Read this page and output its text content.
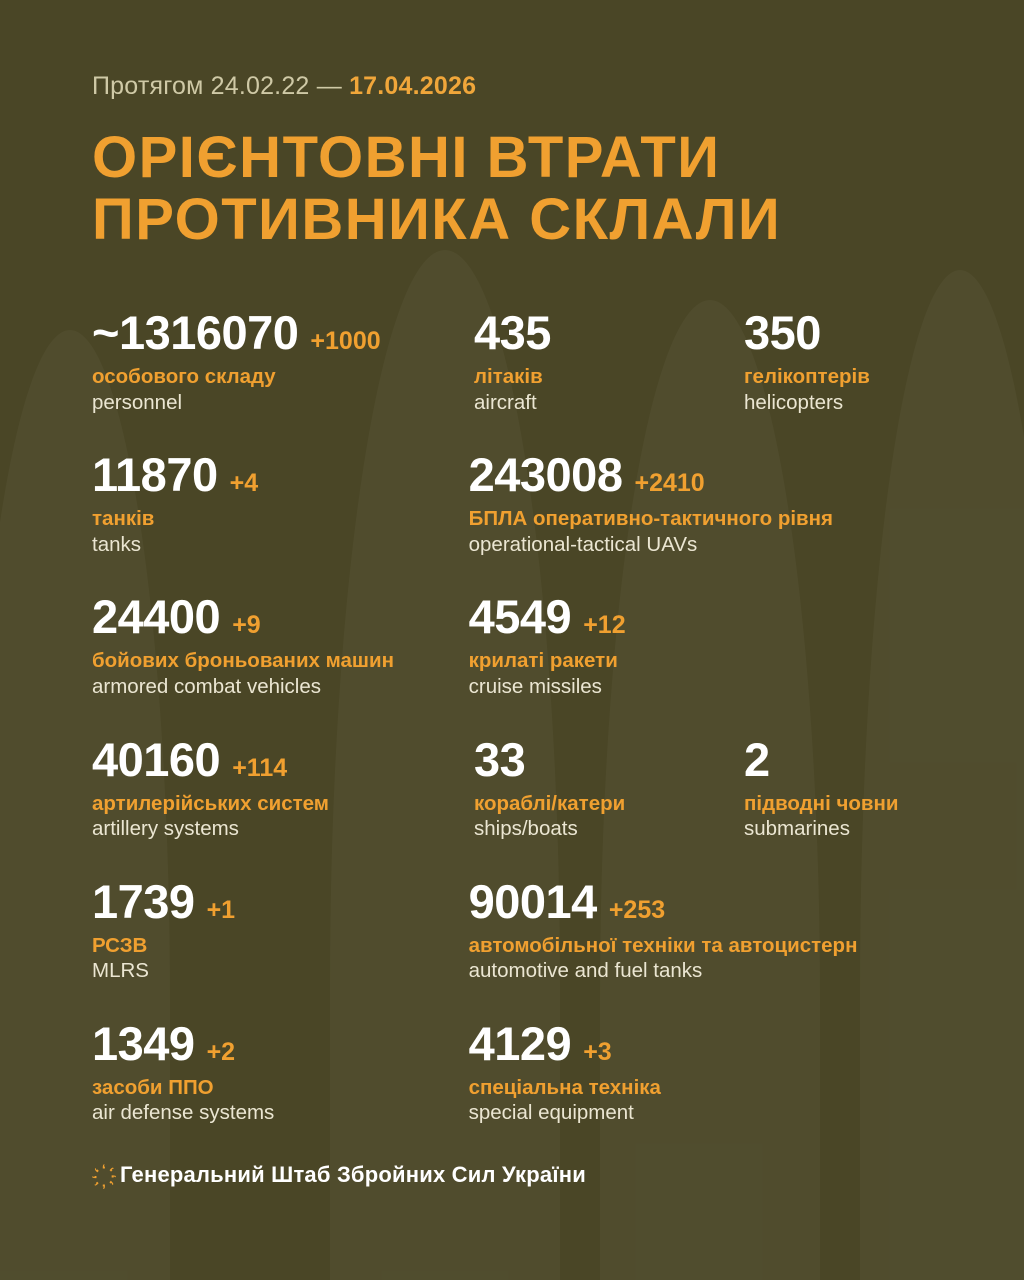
Протягом 24.02.22 — 17.04.2026
ОРІЄНТОВНІ ВТРАТИ
ПРОТИВНИКА СКЛАЛИ
~1316070 +1000
особового складу
personnel
435
літаків
aircraft
350
гелікоптерів
helicopters
11870 +4
танків
tanks
243008 +2410
БПЛА оперативно-тактичного рівня
operational-tactical UAVs
24400 +9
бойових броньованих машин
armored combat vehicles
4549 +12
крилаті ракети
cruise missiles
40160 +114
артилерійських систем
artillery systems
33
кораблі/катери
ships/boats
2
підводні човни
submarines
1739 +1
РСЗВ
MLRS
90014 +253
автомобільної техніки та автоцистерн
automotive and fuel tanks
1349 +2
засоби ППО
air defense systems
4129 +3
спеціальна техніка
special equipment
Генеральний Штаб Збройних Сил України
